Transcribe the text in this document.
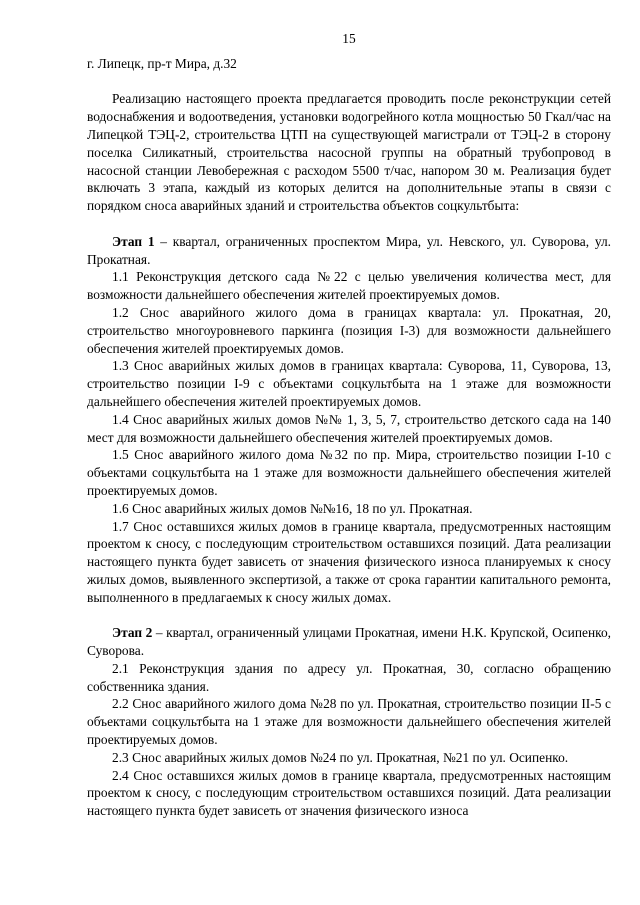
15

г. Липецк, пр-т Мира, д.32

Реализацию настоящего проекта предлагается проводить после реконструкции сетей водоснабжения и водоотведения, установки водогрейного котла мощностью 50 Гкал/час на Липецкой ТЭЦ-2, строительства ЦТП на существующей магистрали от ТЭЦ-2 в сторону поселка Силикатный, строительства насосной группы на обратный трубопровод в насосной станции Левобережная с расходом 5500 т/час, напором 30 м. Реализация будет включать 3 этапа, каждый из которых делится на дополнительные этапы в связи с порядком сноса аварийных зданий и строительства объектов соцкультбыта:

Этап 1 – квартал, ограниченных проспектом Мира, ул. Невского, ул. Суворова, ул. Прокатная.

1.1 Реконструкция детского сада №22 с целью увеличения количества мест, для возможности дальнейшего обеспечения жителей проектируемых домов.

1.2 Снос аварийного жилого дома в границах квартала: ул. Прокатная, 20, строительство многоуровневого паркинга (позиция I-3) для возможности дальнейшего обеспечения жителей проектируемых домов.

1.3 Снос аварийных жилых домов в границах квартала: Суворова, 11, Суворова, 13, строительство позиции I-9 с объектами соцкультбыта на 1 этаже для возможности дальнейшего обеспечения жителей проектируемых домов.

1.4 Снос аварийных жилых домов №№ 1, 3, 5, 7, строительство детского сада на 140 мест для возможности дальнейшего обеспечения жителей проектируемых домов.

1.5 Снос аварийного жилого дома №32 по пр. Мира, строительство позиции I-10 с объектами соцкультбыта на 1 этаже для возможности дальнейшего обеспечения жителей проектируемых домов.

1.6 Снос аварийных жилых домов №№16, 18 по ул. Прокатная.

1.7 Снос оставшихся жилых домов в границе квартала, предусмотренных настоящим проектом к сносу, с последующим строительством оставшихся позиций. Дата реализации настоящего пункта будет зависеть от значения физического износа планируемых к сносу жилых домов, выявленного экспертизой, а также от срока гарантии капитального ремонта, выполненного в предлагаемых к сносу жилых домах.

Этап 2 – квартал, ограниченный улицами Прокатная, имени Н.К. Крупской, Осипенко, Суворова.

2.1 Реконструкция здания по адресу ул. Прокатная, 30, согласно обращению собственника здания.

2.2 Снос аварийного жилого дома №28 по ул. Прокатная, строительство позиции II-5 с объектами соцкультбыта на 1 этаже для возможности дальнейшего обеспечения жителей проектируемых домов.

2.3 Снос аварийных жилых домов №24 по ул. Прокатная, №21 по ул. Осипенко.

2.4 Снос оставшихся жилых домов в границе квартала, предусмотренных настоящим проектом к сносу, с последующим строительством оставшихся позиций. Дата реализации настоящего пункта будет зависеть от значения физического износа
